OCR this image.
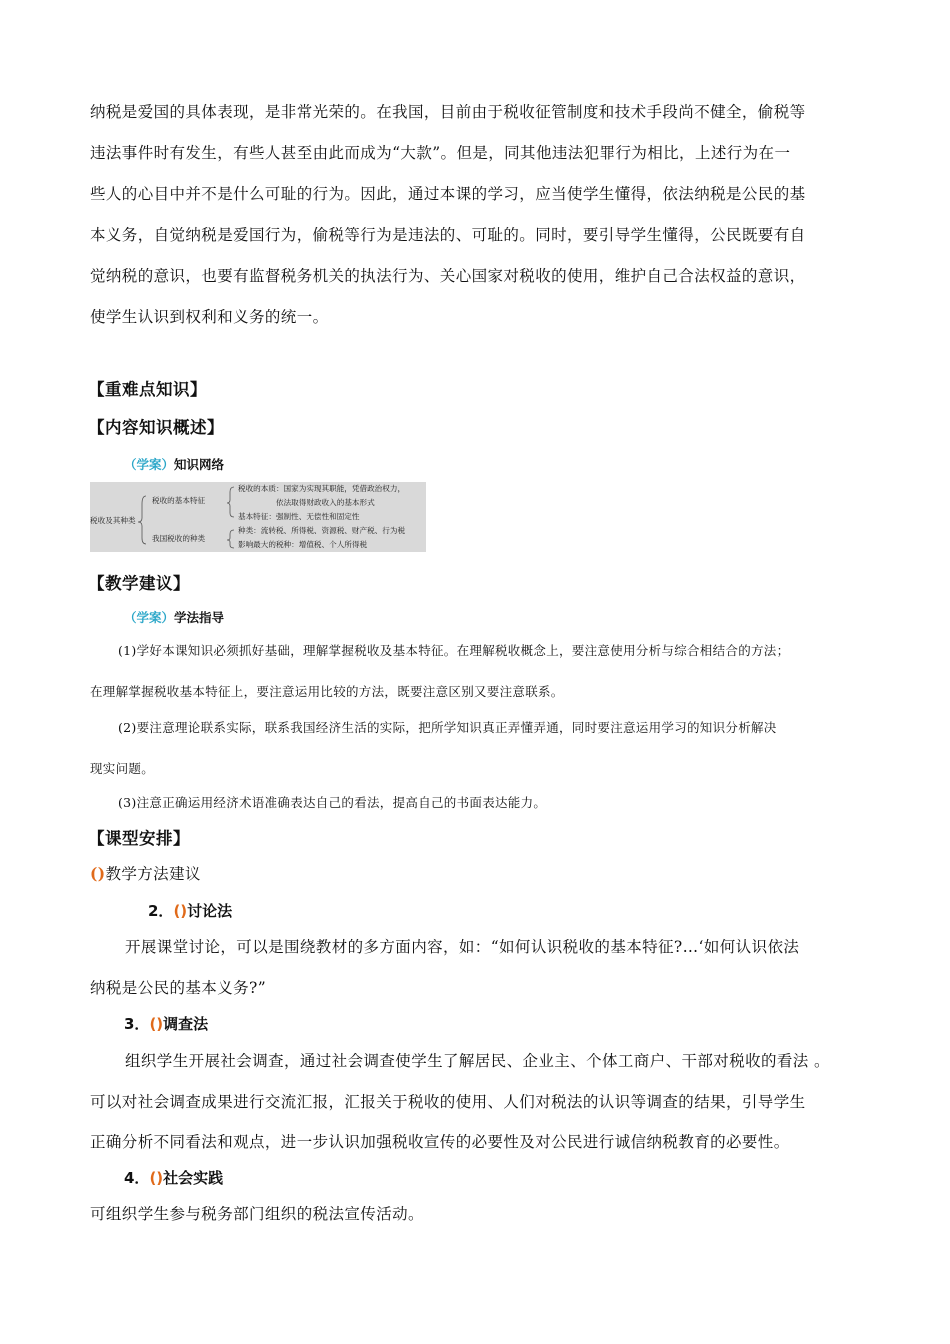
纳税是爱国的具体表现，是非常光荣的。在我国，目前由于税收征管制度和技术手段尚不健全，偷税等
违法事件时有发生，有些人甚至由此而成为“大款”。但是，同其他违法犯罪行为相比，上述行为在一
些人的心目中并不是什么可耻的行为。因此，通过本课的学习，应当使学生懂得，依法纳税是公民的基
本义务，自觉纳税是爱国行为，偷税等行为是违法的、可耻的。同时，要引导学生懂得，公民既要有自
觉纳税的意识，也要有监督税务机关的执法行为、关心国家对税收的使用，维护自己合法权益的意识，
使学生认识到权利和义务的统一。
【重难点知识】
【内容知识概述】
（学案）知识网络
税收及其种类
税收的基本特征
我国税收的种类
税收的本质：国家为实现其职能，凭借政治权力，
依法取得财政收入的基本形式
基本特征：强制性、无偿性和固定性
种类：流转税、所得税、资源税、财产税、行为税
影响最大的税种：增值税、个人所得税
【教学建议】
（学案）学法指导
(1)学好本课知识必须抓好基础，理解掌握税收及基本特征。在理解税收概念上，要注意使用分析与综合相结合的方法；
在理解掌握税收基本特征上，要注意运用比较的方法，既要注意区别又要注意联系。
(2)要注意理论联系实际，联系我国经济生活的实际，把所学知识真正弄懂弄通，同时要注意运用学习的知识分析解决
现实问题。
(3)注意正确运用经济术语准确表达自己的看法，提高自己的书面表达能力。
【课型安排】
()教学方法建议
2．()讨论法
开展课堂讨论，可以是围绕教材的多方面内容，如：“如何认识税收的基本特征?…‘如何认识依法
纳税是公民的基本义务?”
3．()调查法
组织学生开展社会调查，通过社会调查使学生了解居民、企业主、个体工商户、干部对税收的看法 。
可以对社会调查成果进行交流汇报，汇报关于税收的使用、人们对税法的认识等调查的结果，引导学生
正确分析不同看法和观点，进一步认识加强税收宣传的必要性及对公民进行诚信纳税教育的必要性。
4．()社会实践
可组织学生参与税务部门组织的税法宣传活动。
